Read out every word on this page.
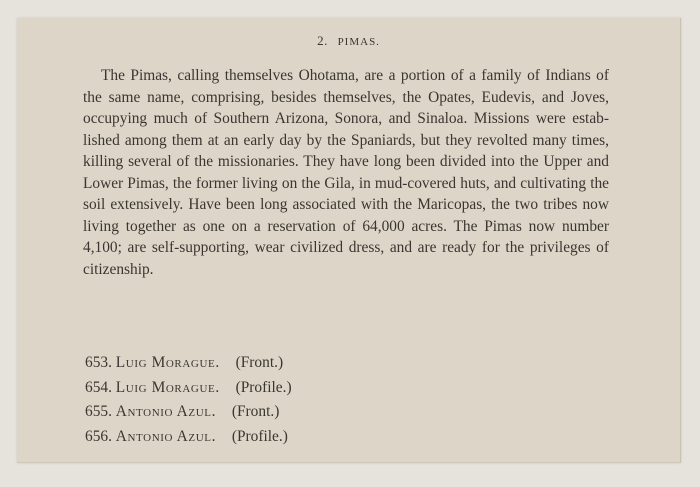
2. PIMAS.
The Pimas, calling themselves Ohotama, are a portion of a family of Indians of the same name, comprising, besides themselves, the Opates, Eudevis, and Joves, occupying much of Southern Arizona, Sonora, and Sinaloa. Missions were established among them at an early day by the Spaniards, but they revolted many times, killing several of the missionaries. They have long been divided into the Upper and Lower Pimas, the former living on the Gila, in mud-covered huts, and cultivating the soil extensively. Have been long associated with the Maricopas, the two tribes now living together as one on a reservation of 64,000 acres. The Pimas now number 4,100; are self-supporting, wear civilized dress, and are ready for the privileges of citizenship.
653. Luig Morague. (Front.)
654. Luig Morague. (Profile.)
655. Antonio Azul. (Front.)
656. Antonio Azul. (Profile.)
